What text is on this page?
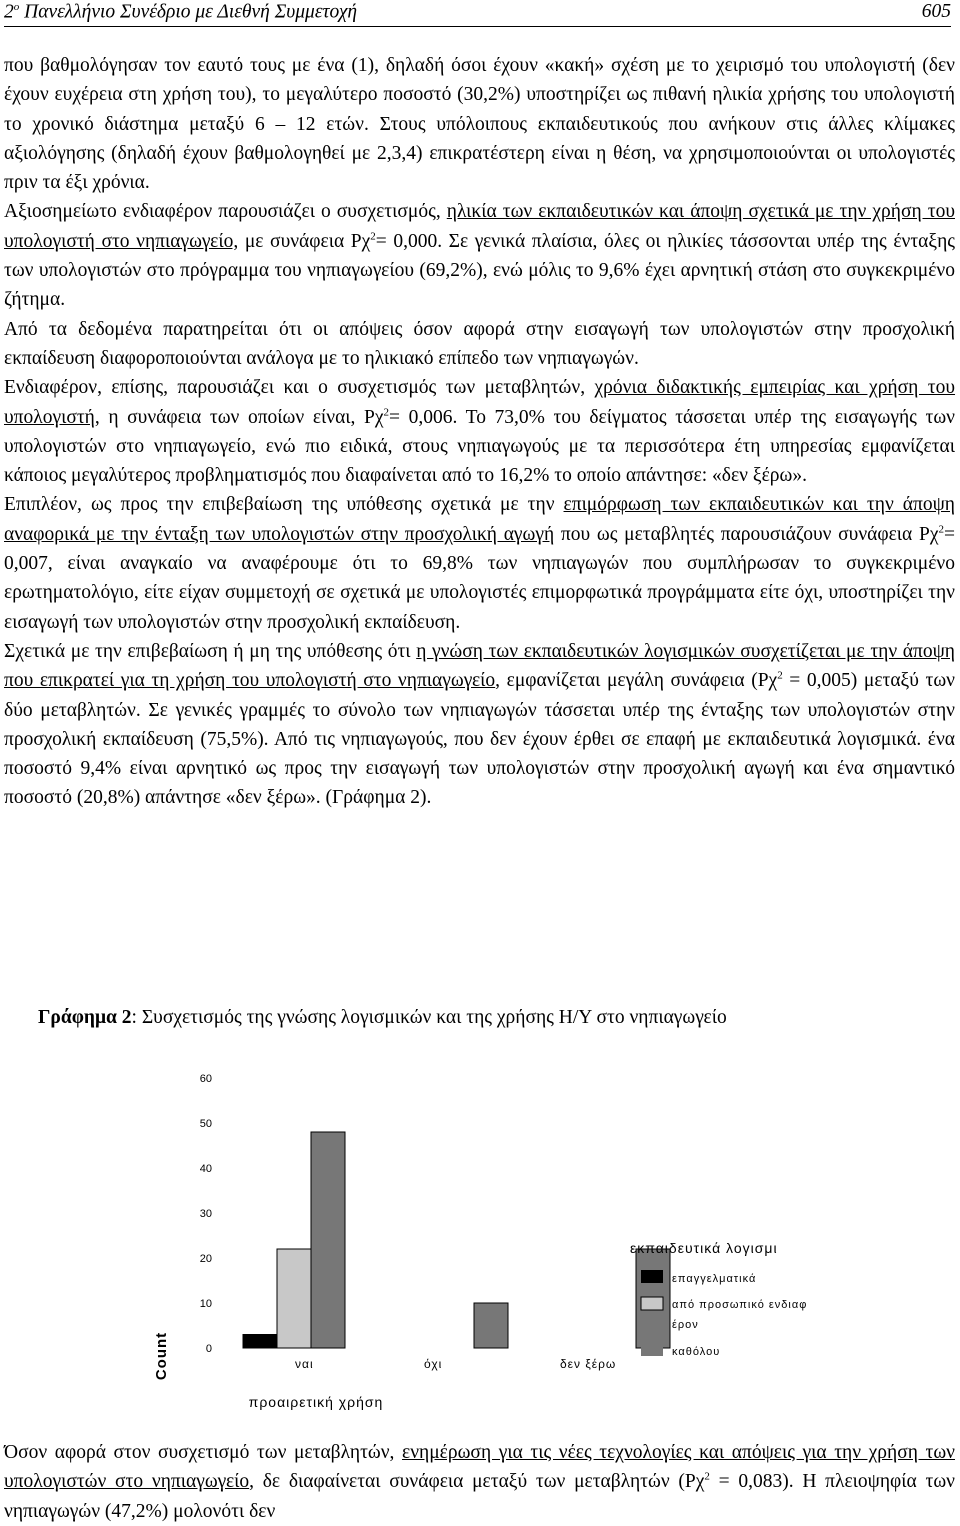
$2^o$ Πανελλήνιο Συνέδριο με Διεθνή Συμμετοχή	605

που βαθμολόγησαν τον εαυτό τους με ένα (1), δηλαδή όσοι έχουν «κακή» σχέση με το χειρισμό του υπολογιστή (δεν έχουν ευχέρεια στη χρήση του), το μεγαλύτερο ποσοστό (30,2%) υποστηρίζει ως πιθανή ηλικία χρήσης του υπολογιστή το χρονικό διάστημα μεταξύ 6 – 12 ετών. Στους υπόλοιπους εκπαιδευτικούς που ανήκουν στις άλλες κλίμακες αξιολόγησης (δηλαδή έχουν βαθμολογηθεί με 2,3,4) επικρατέστερη είναι η θέση, να χρησιμοποιούνται οι υπολογιστές πριν τα έξι χρόνια.

Αξιοσημείωτο ενδιαφέρον παρουσιάζει ο συσχετισμός, ηλικία των εκπαιδευτικών και άποψη σχετικά με την χρήση του υπολογιστή στο νηπιαγωγείο, με συνάφεια $P\chi^2= 0,000$. Σε γενικά πλαίσια, όλες οι ηλικίες τάσσονται υπέρ της ένταξης των υπολογιστών στο πρόγραμμα του νηπιαγωγείου (69,2%), ενώ μόλις το 9,6% έχει αρνητική στάση στο συγκεκριμένο ζήτημα.

Από τα δεδομένα παρατηρείται ότι οι απόψεις όσον αφορά στην εισαγωγή των υπολογιστών στην προσχολική εκπαίδευση διαφοροποιούνται ανάλογα με το ηλικιακό επίπεδο των νηπιαγωγών.

Ενδιαφέρον, επίσης, παρουσιάζει και ο συσχετισμός των μεταβλητών, χρόνια διδακτικής εμπειρίας και χρήση του υπολογιστή, η συνάφεια των οποίων είναι, $P\chi^2= 0,006$. Το 73,0% του δείγματος τάσσεται υπέρ της εισαγωγής των υπολογιστών στο νηπιαγωγείο, ενώ πιο ειδικά, στους νηπιαγωγούς με τα περισσότερα έτη υπηρεσίας εμφανίζεται κάποιος μεγαλύτερος προβληματισμός που διαφαίνεται από το 16,2% το οποίο απάντησε: «δεν ξέρω».

Επιπλέον, ως προς την επιβεβαίωση της υπόθεσης σχετικά με την επιμόρφωση των εκπαιδευτικών και την άποψη αναφορικά με την ένταξη των υπολογιστών στην προσχολική αγωγή που ως μεταβλητές παρουσιάζουν συνάφεια $P\chi^2= 0,007$, είναι αναγκαίο να αναφέρουμε ότι το 69,8% των νηπιαγωγών που συμπλήρωσαν το συγκεκριμένο ερωτηματολόγιο, είτε είχαν συμμετοχή σε σχετικά με υπολογιστές επιμορφωτικά προγράμματα είτε όχι, υποστηρίζει την εισαγωγή των υπολογιστών στην προσχολική εκπαίδευση.

Σχετικά με την επιβεβαίωση ή μη της υπόθεσης ότι η γνώση των εκπαιδευτικών λογισμικών συσχετίζεται με την άποψη που επικρατεί για τη χρήση του υπολογιστή στο νηπιαγωγείο, εμφανίζεται μεγάλη συνάφεια $(P\chi^2 = 0,005)$ μεταξύ των δύο μεταβλητών. Σε γενικές γραμμές το σύνολο των νηπιαγωγών τάσσεται υπέρ της ένταξης των υπολογιστών στην προσχολική εκπαίδευση (75,5%). Από τις νηπιαγωγούς, που δεν έχουν έρθει σε επαφή με εκπαιδευτικά λογισμικά. ένα ποσοστό 9,4% είναι αρνητικό ως προς την εισαγωγή των υπολογιστών στην προσχολική αγωγή και ένα σημαντικό ποσοστό (20,8%) απάντησε «δεν ξέρω». (Γράφημα 2).

Γράφημα 2: Συσχετισμός της γνώσης λογισμικών και της χρήσης Η/Υ στο νηπιαγωγείο
60
50
40
30
20
10
0
ναι	όχι	δεν ξέρω
Count
προαιρετική χρήση
εκπαιδευτικά λογισμι
επαγγελματικά
από προσωπικό ενδιαφ
έρον
καθόλου

Όσον αφορά στον συσχετισμό των μεταβλητών, ενημέρωση για τις νέες τεχνολογίες και απόψεις για την χρήση των υπολογιστών στο νηπιαγωγείο, δε διαφαίνεται συνάφεια μεταξύ των μεταβλητών $(P\chi^2 = 0,083)$. Η πλειοψηφία των νηπιαγωγών (47,2%) μολονότι δεν
